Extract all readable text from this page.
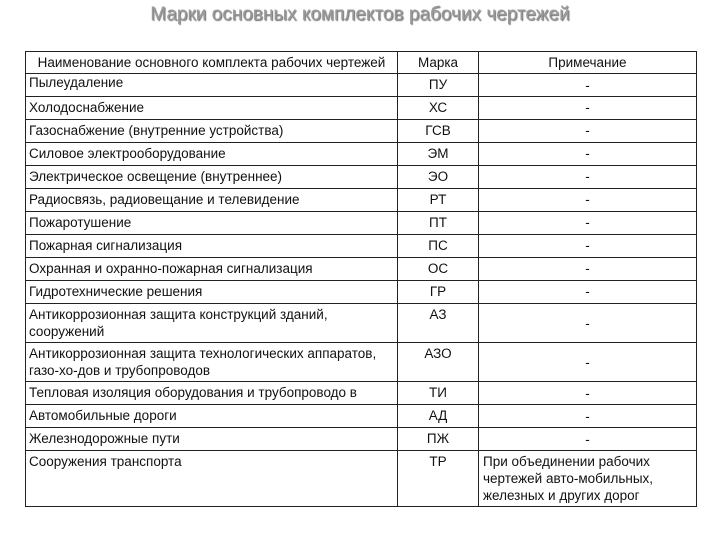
Марки основных комплектов рабочих чертежей
Наименование основного комплекта рабочих чертежей	Марка	Примечание
Пылеудаление	ПУ	-
Холодоснабжение	ХС	-
Газоснабжение (внутренние устройства)	ГСВ	-
Силовое электрооборудование	ЭМ	-
Электрическое освещение (внутреннее)	ЭО	-
Радиосвязь, радиовещание и телевидение	РТ	-
Пожаротушение	ПТ	-
Пожарная сигнализация	ПС	-
Охранная и охранно-пожарная сигнализация	ОС	-
Гидротехнические решения	ГР	-
Антикоррозионная защита конструкций зданий, сооружений	АЗ	-
Антикоррозионная защита технологических аппаратов, газо-хо-дов и трубопроводов	АЗО	-
Тепловая изоляция оборудования и трубопроводо в	ТИ	-
Автомобильные дороги	АД	-
Железнодорожные пути	ПЖ	-
Сооружения транспорта	ТР	При объединении рабочих чертежей авто-мобильных, железных и других дорог
